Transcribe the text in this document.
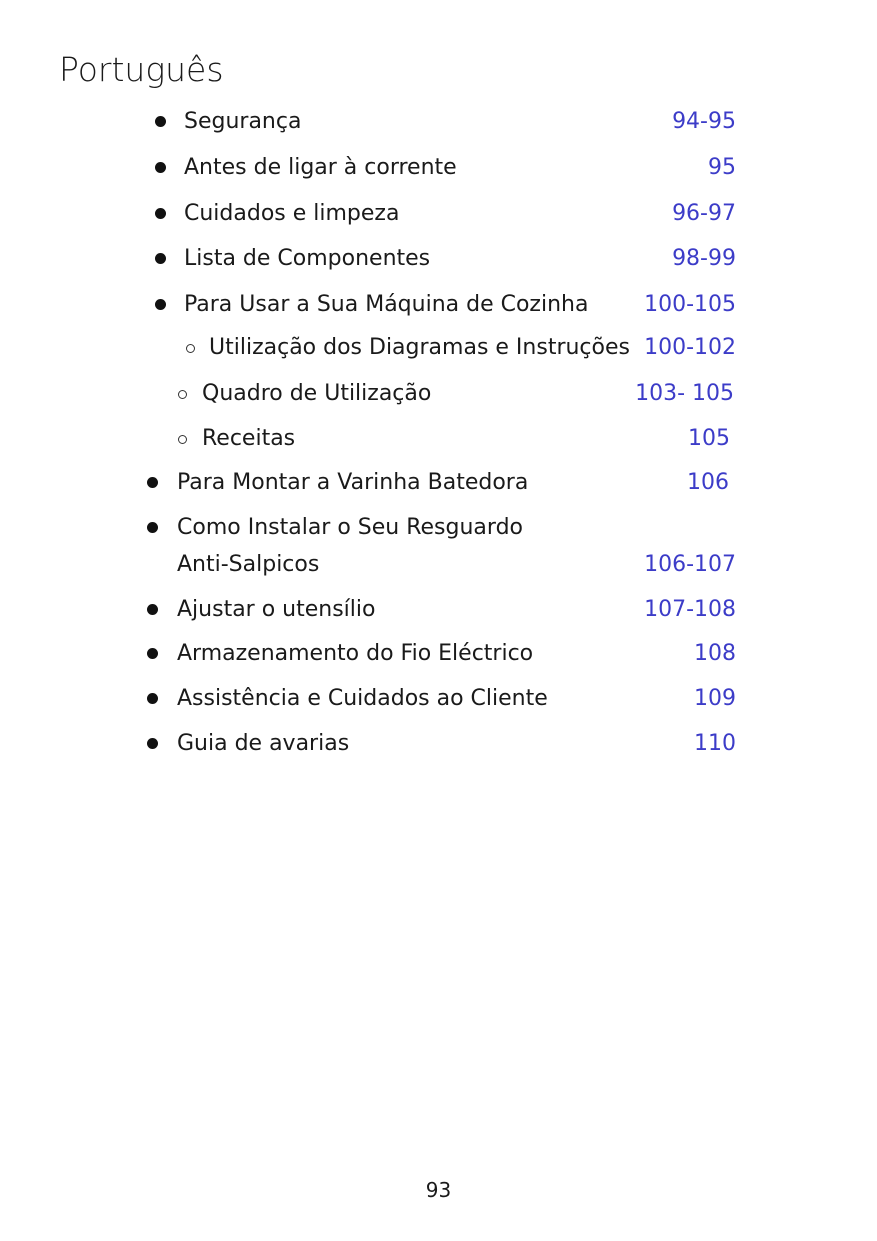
Português
Segurança	94-95
Antes de ligar à corrente	95
Cuidados e limpeza	96-97
Lista de Componentes	98-99
Para Usar a Sua Máquina de Cozinha	100-105
Utilização dos Diagramas e Instruções 100-102
Quadro de Utilização	103- 105
Receitas	105
Para Montar a Varinha Batedora	106
Como Instalar o Seu Resguardo
Anti-Salpicos	106-107
Ajustar o utensílio	107-108
Armazenamento do Fio Eléctrico	108
Assistência e Cuidados ao Cliente	109
Guia de avarias	110
93
